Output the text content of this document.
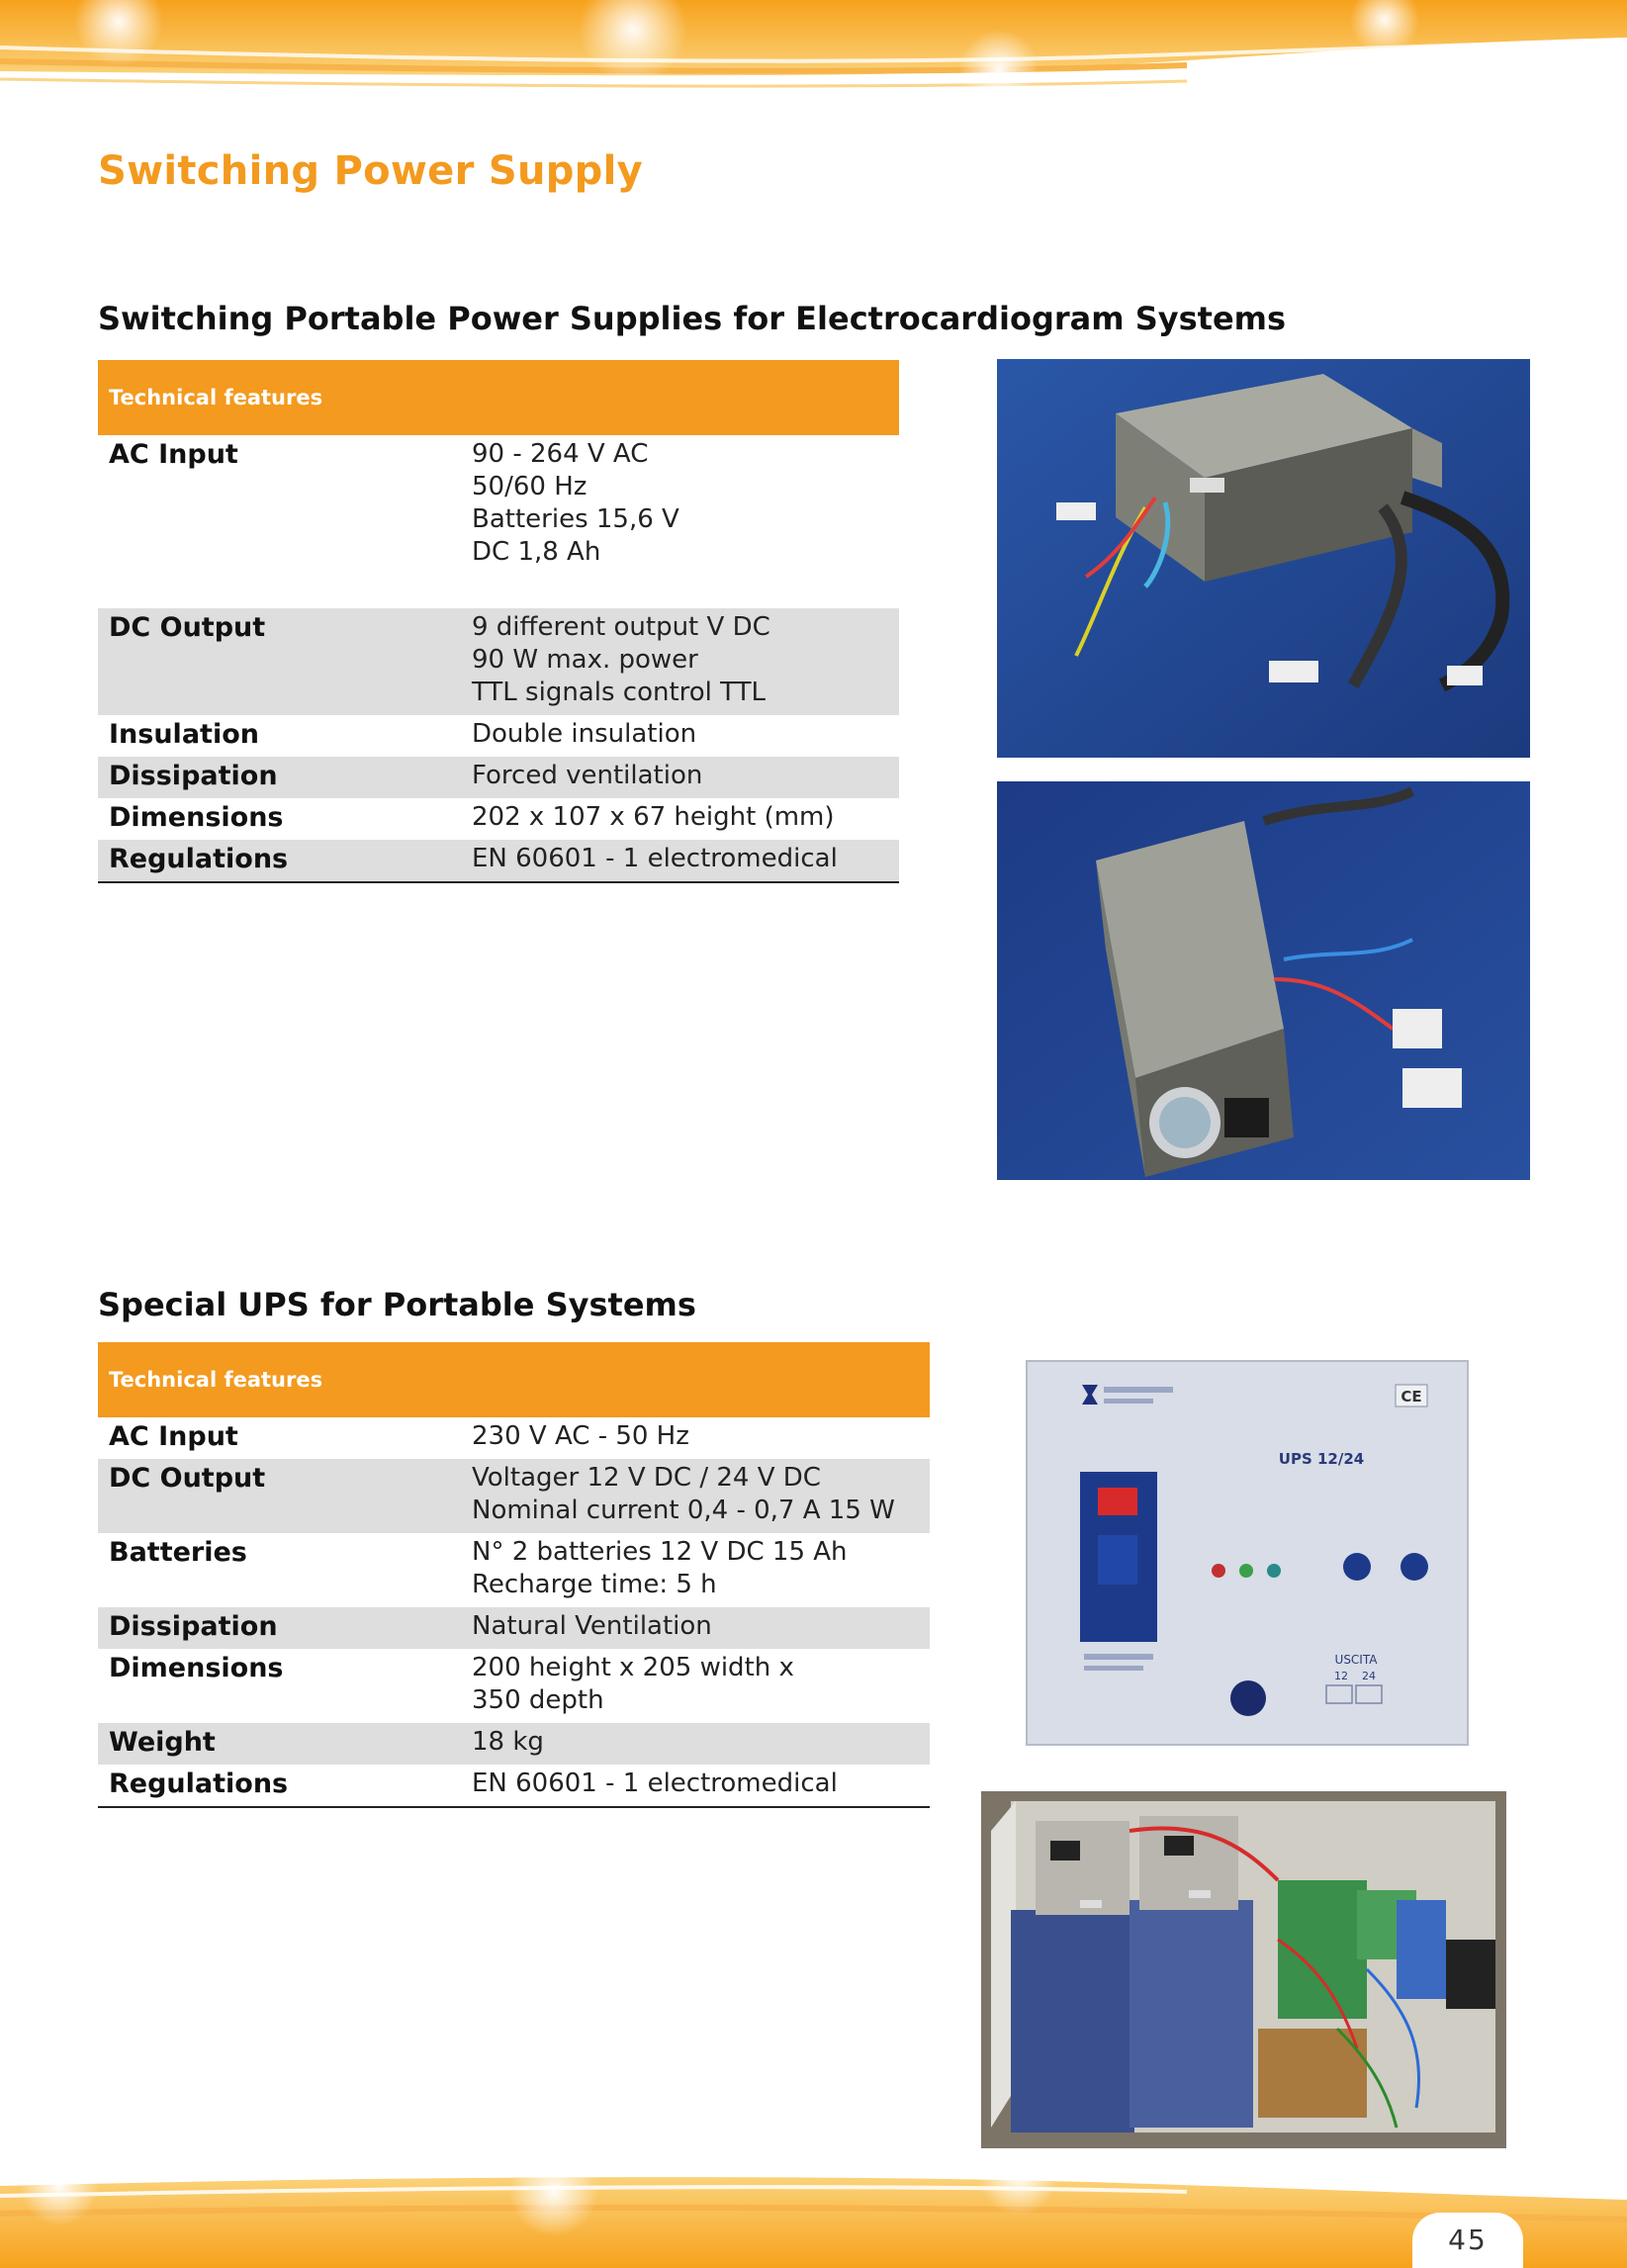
Switching Power Supply
Switching Portable Power Supplies for Electrocardiogram Systems
Technical features
AC Input	90 - 264 V AC
50/60 Hz
Batteries 15,6 V
DC 1,8 Ah
DC Output	9 different output V DC
90 W max. power
TTL signals control TTL
Insulation	Double insulation
Dissipation	Forced ventilation
Dimensions	202 x 107 x 67 height (mm)
Regulations	EN 60601 - 1 electromedical
Special UPS for Portable Systems
Technical features
AC Input	230 V AC - 50 Hz
DC Output	Voltager 12 V DC / 24 V DC
Nominal current 0,4 - 0,7 A 15 W
Batteries	N° 2 batteries 12 V DC 15 Ah
Recharge time: 5 h
Dissipation	Natural Ventilation
Dimensions	200 height x 205 width x
350 depth
Weight	18 kg
Regulations	EN 60601 - 1 electromedical
CE
UPS 12/24
USCITA
12 24
45
